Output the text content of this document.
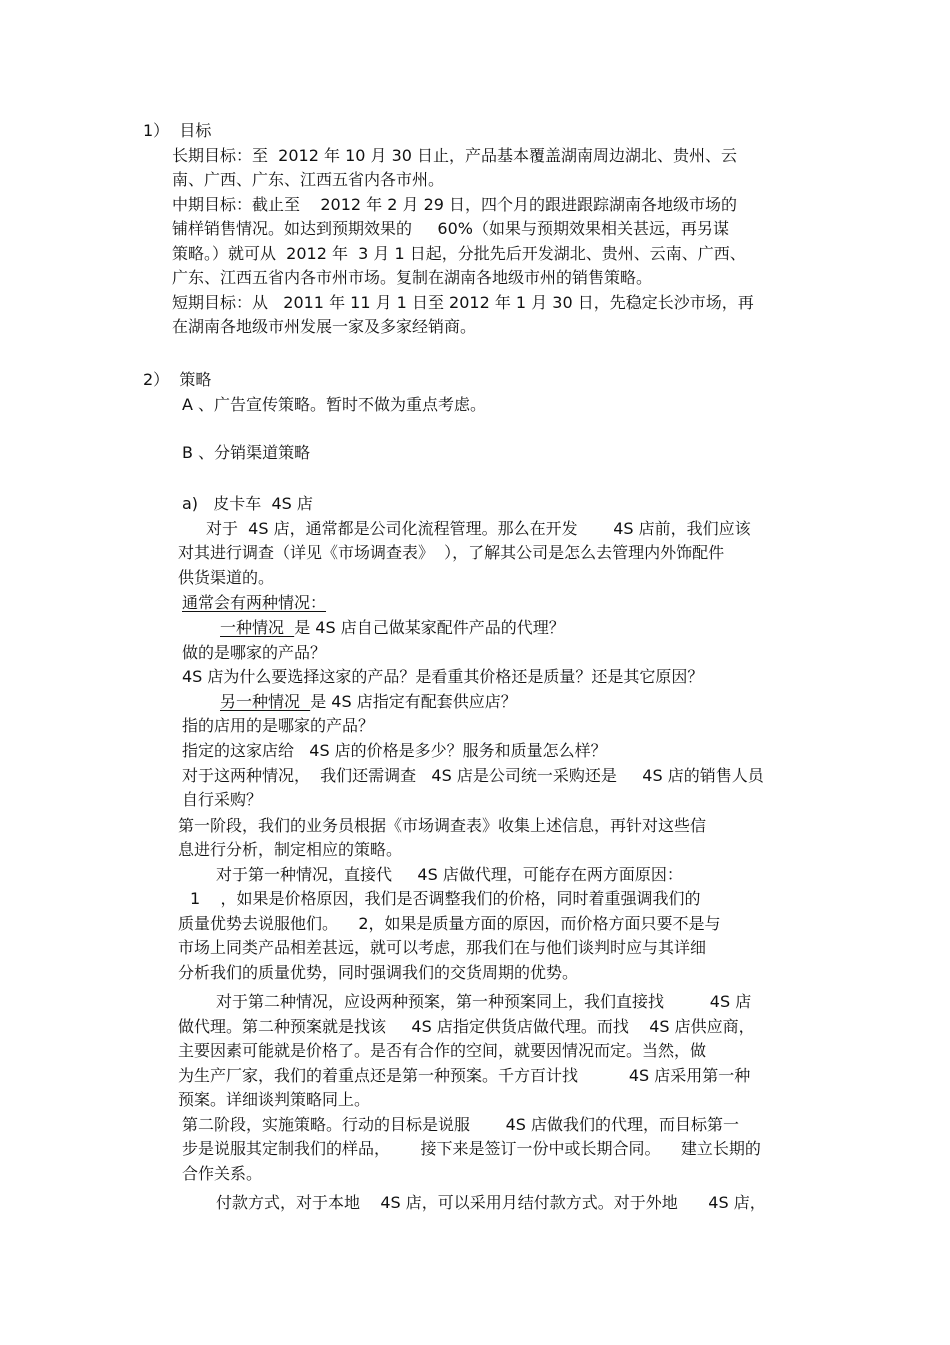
1）  目标
长期目标：至  2012 年 10 月 30 日止，产品基本覆盖湖南周边湖北、贵州、云
南、广西、广东、江西五省内各市州。
中期目标：截止至    2012 年 2 月 29 日，四个月的跟进跟踪湖南各地级市场的
铺样销售情况。如达到预期效果的     60%（如果与预期效果相关甚远，再另谋
策略。）就可从  2012 年  3 月 1 日起，分批先后开发湖北、贵州、云南、广西、
广东、江西五省内各市州市场。复制在湖南各地级市州的销售策略。
短期目标：从   2011 年 11 月 1 日至 2012 年 1 月 30 日，先稳定长沙市场，再
在湖南各地级市州发展一家及多家经销商。
2）  策略
A 、广告宣传策略。暂时不做为重点考虑。
B 、分销渠道策略
a)   皮卡车  4S 店
对于  4S 店，通常都是公司化流程管理。那么在开发       4S 店前，我们应该
对其进行调查（详见《市场调查表》  ），了解其公司是怎么去管理内外饰配件
供货渠道的。
通常会有两种情况：
一种情况  是 4S 店自己做某家配件产品的代理？
做的是哪家的产品？
4S 店为什么要选择这家的产品？是看重其价格还是质量？还是其它原因？
另一种情况  是 4S 店指定有配套供应店？
指的店用的是哪家的产品？
指定的这家店给   4S 店的价格是多少？服务和质量怎么样？
对于这两种情况，  我们还需调查   4S 店是公司统一采购还是     4S 店的销售人员
自行采购？
第一阶段，我们的业务员根据《市场调查表》收集上述信息，再针对这些信
息进行分析，制定相应的策略。
对于第一种情况，直接代     4S 店做代理，可能存在两方面原因：
1    ，如果是价格原因，我们是否调整我们的价格，同时着重强调我们的
质量优势去说服他们。    2，如果是质量方面的原因，而价格方面只要不是与
市场上同类产品相差甚远，就可以考虑，那我们在与他们谈判时应与其详细
分析我们的质量优势，同时强调我们的交货周期的优势。
对于第二种情况，应设两种预案，第一种预案同上，我们直接找         4S 店
做代理。第二种预案就是找该     4S 店指定供货店做代理。而找    4S 店供应商，
主要因素可能就是价格了。是否有合作的空间，就要因情况而定。当然，做
为生产厂家，我们的着重点还是第一种预案。千方百计找          4S 店采用第一种
预案。详细谈判策略同上。
第二阶段，实施策略。行动的目标是说服       4S 店做我们的代理，而目标第一
步是说服其定制我们的样品，      接下来是签订一份中或长期合同。    建立长期的
合作关系。
付款方式，对于本地    4S 店，可以采用月结付款方式。对于外地      4S 店，
